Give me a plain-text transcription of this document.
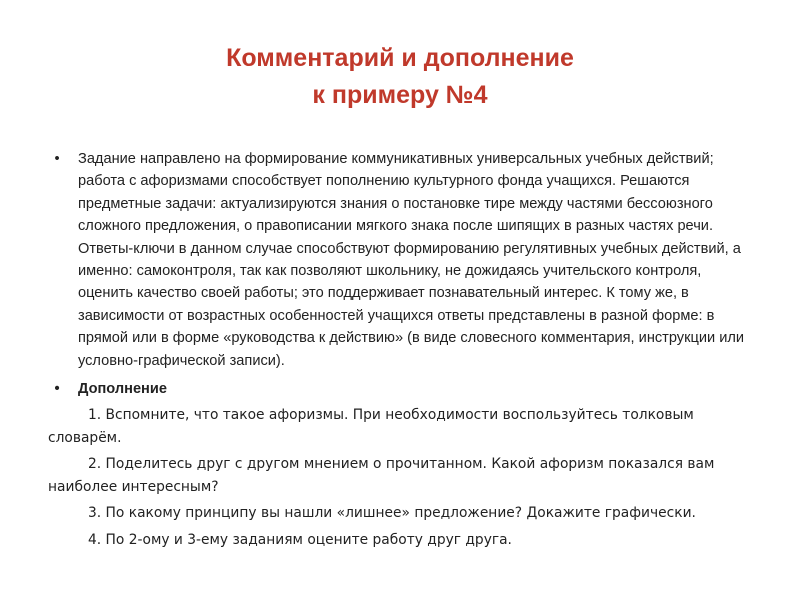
Комментарий и дополнение
к примеру №4
• Задание направлено на формирование коммуникативных универсальных учебных действий; работа с афоризмами способствует пополнению культурного фонда учащихся. Решаются предметные задачи: актуализируются знания о постановке тире между частями бессоюзного сложного предложения, о правописании мягкого знака после шипящих в разных частях речи. Ответы-ключи в данном случае способствуют формированию регулятивных учебных действий, а именно: самоконтроля, так как позволяют школьнику, не дожидаясь учительского контроля, оценить качество своей работы; это поддерживает познавательный интерес. К тому же, в зависимости от возрастных особенностей учащихся ответы представлены в разной форме: в прямой или в форме «руководства к действию» (в виде словесного комментария, инструкции или условно-графической записи).

• Дополнение

1. Вспомните, что такое афоризмы. При необходимости воспользуйтесь толковым словарём.

2. Поделитесь друг с другом мнением о прочитанном. Какой афоризм показался вам наиболее интересным?

3. По какому принципу вы нашли «лишнее» предложение? Докажите графически.

4. По 2-ому и 3-ему заданиям оцените работу друг друга.
